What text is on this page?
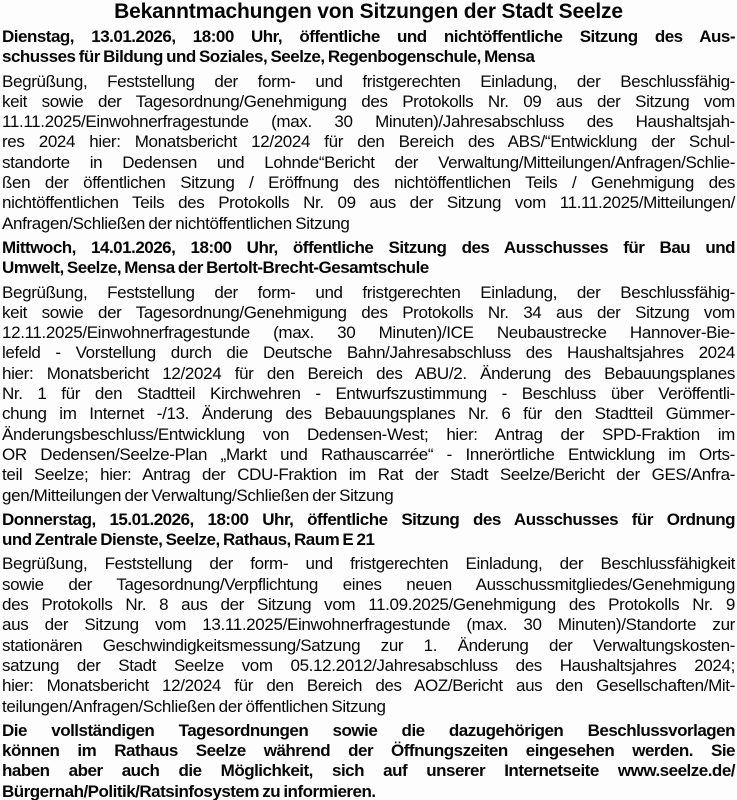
Bekanntmachungen von Sitzungen der Stadt Seelze
Dienstag, 13.01.2026, 18:00 Uhr, öffentliche und nichtöffentliche Sitzung des Aus-
schusses für Bildung und Soziales, Seelze, Regenbogenschule, Mensa
Begrüßung, Feststellung der form- und fristgerechten Einladung, der Beschlussfähig-
keit sowie der Tagesordnung/Genehmigung des Protokolls Nr. 09 aus der Sitzung vom
11.11.2025/Einwohnerfragestunde (max. 30 Minuten)/Jahresabschluss des Haushaltsjah-
res 2024 hier: Monatsbericht 12/2024 für den Bereich des ABS/“Entwicklung der Schul-
standorte in Dedensen und Lohnde“Bericht der Verwaltung/Mitteilungen/Anfragen/Schlie-
ßen der öffentlichen Sitzung / Eröffnung des nichtöffentlichen Teils / Genehmigung des
nichtöffentlichen Teils des Protokolls Nr. 09 aus der Sitzung vom 11.11.2025/Mitteilungen/
Anfragen/Schließen der nichtöffentlichen Sitzung
Mittwoch, 14.01.2026, 18:00 Uhr, öffentliche Sitzung des Ausschusses für Bau und
Umwelt, Seelze, Mensa der Bertolt-Brecht-Gesamtschule
Begrüßung, Feststellung der form- und fristgerechten Einladung, der Beschlussfähig-
keit sowie der Tagesordnung/Genehmigung des Protokolls Nr. 34 aus der Sitzung vom
12.11.2025/Einwohnerfragestunde (max. 30 Minuten)/ICE Neubaustrecke Hannover-Bie-
lefeld - Vorstellung durch die Deutsche Bahn/Jahresabschluss des Haushaltsjahres 2024
hier: Monatsbericht 12/2024 für den Bereich des ABU/2. Änderung des Bebauungsplanes
Nr. 1 für den Stadtteil Kirchwehren - Entwurfszustimmung - Beschluss über Veröffentli-
chung im Internet -/13. Änderung des Bebauungsplanes Nr. 6 für den Stadtteil Gümmer-
Änderungsbeschluss/Entwicklung von Dedensen-West; hier: Antrag der SPD-Fraktion im
OR Dedensen/Seelze-Plan „Markt und Rathauscarrée“ - Innerörtliche Entwicklung im Orts-
teil Seelze; hier: Antrag der CDU-Fraktion im Rat der Stadt Seelze/Bericht der GES/Anfra-
gen/Mitteilungen der Verwaltung/Schließen der Sitzung
Donnerstag, 15.01.2026, 18:00 Uhr, öffentliche Sitzung des Ausschusses für Ordnung
und Zentrale Dienste, Seelze, Rathaus, Raum E 21
Begrüßung, Feststellung der form- und fristgerechten Einladung, der Beschlussfähigkeit
sowie der Tagesordnung/Verpflichtung eines neuen Ausschussmitgliedes/Genehmigung
des Protokolls Nr. 8 aus der Sitzung vom 11.09.2025/Genehmigung des Protokolls Nr. 9
aus der Sitzung vom 13.11.2025/Einwohnerfragestunde (max. 30 Minuten)/Standorte zur
stationären Geschwindigkeitsmessung/Satzung zur 1. Änderung der Verwaltungskosten-
satzung der Stadt Seelze vom 05.12.2012/Jahresabschluss des Haushaltsjahres 2024;
hier: Monatsbericht 12/2024 für den Bereich des AOZ/Bericht aus den Gesellschaften/Mit-
teilungen/Anfragen/Schließen der öffentlichen Sitzung
Die vollständigen Tagesordnungen sowie die dazugehörigen Beschlussvorlagen
können im Rathaus Seelze während der Öffnungszeiten eingesehen werden. Sie
haben aber auch die Möglichkeit, sich auf unserer Internetseite www.seelze.de/
Bürgernah/Politik/Ratsinfosystem zu informieren.
